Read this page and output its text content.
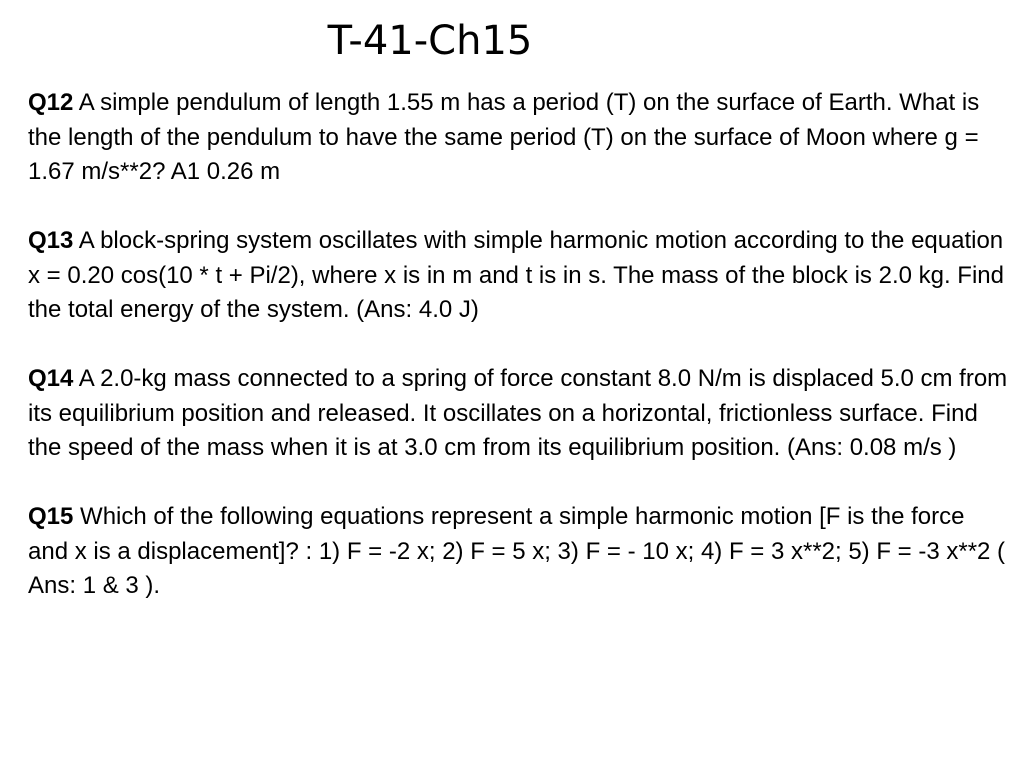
T-41-Ch15

Q12 A simple pendulum of length 1.55 m has a period (T) on the surface of Earth. What is the length of the pendulum to have the same period (T) on the surface of Moon where g = 1.67 m/s**2? A1 0.26 m

Q13 A block-spring system oscillates with simple harmonic motion according to the equation x = 0.20 cos(10 * t + Pi/2), where x is in m and t is in s. The mass of the block is 2.0 kg. Find the total energy of the system. (Ans: 4.0 J)

Q14 A 2.0-kg mass connected to a spring of force constant 8.0 N/m is displaced 5.0 cm from its equilibrium position and released. It oscillates on a horizontal, frictionless surface. Find the speed of the mass when it is at 3.0 cm from its equilibrium position. (Ans: 0.08 m/s )

Q15 Which of the following equations represent a simple harmonic motion [F is the force and x is a displacement]? : 1) F = -2 x; 2) F = 5 x; 3) F = - 10 x; 4) F = 3 x**2; 5) F = -3 x**2 ( Ans: 1 & 3 ).
